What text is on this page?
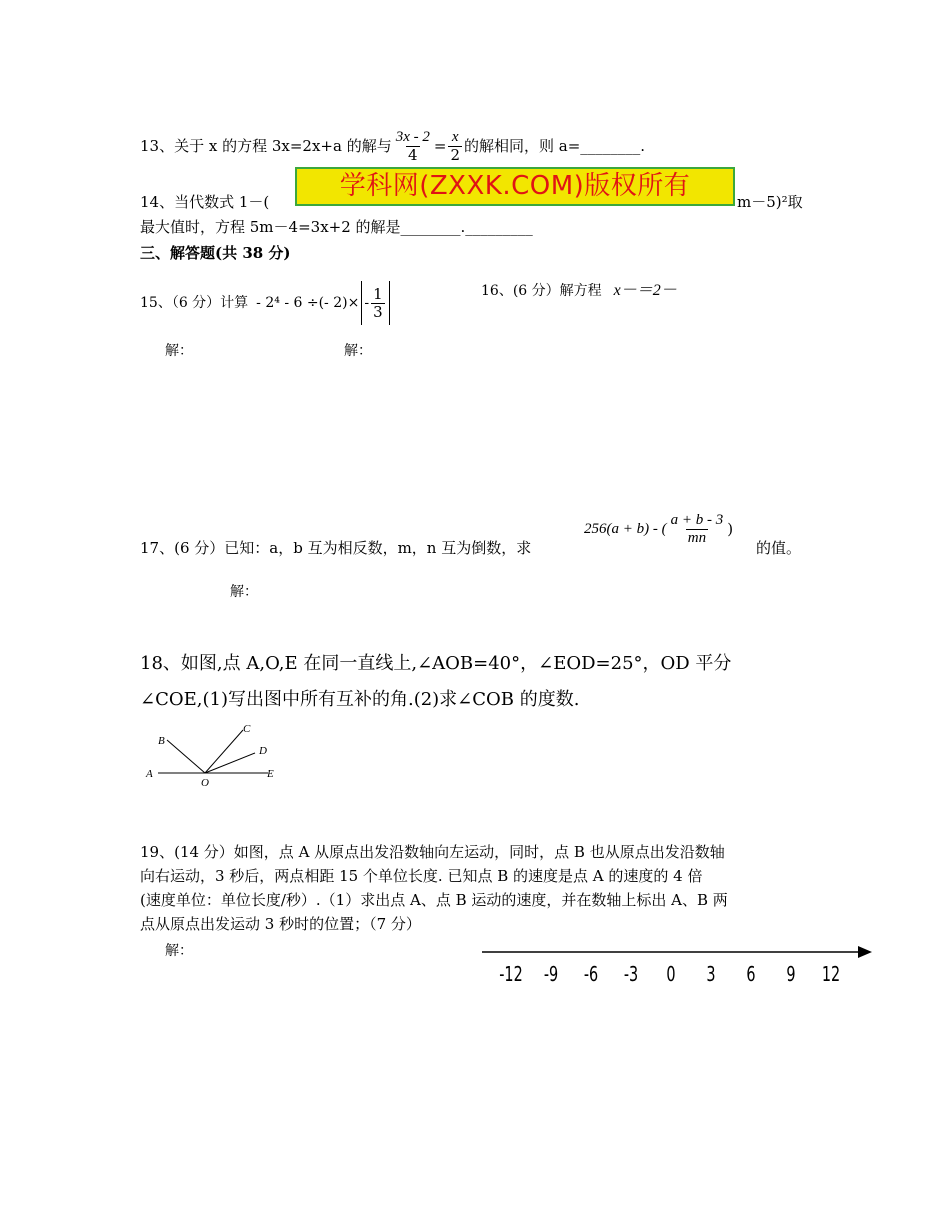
13、关于 x 的方程 3x=2x+a 的解与 $\frac{3x - 2}{4} = \frac{x}{2}$ 的解相同，则 a=________.
14、当代数式 1－(	m－5)²取
最大值时，方程 5m－4=3x+2 的解是________._________
学科网(ZXXK.COM)版权所有
三、解答题(共 38 分)
15、（6 分）计算 - 2⁴ - 6 ÷(- $2)\times - \frac{1}{3}$	16、(6 分）解方程 x－＝2－
解：	解：
17、(6 分）已知：a，b 互为相反数，m，n 互为倒数，求
256(a + b) - ( $\frac{a + b - 3}{mn}$ )
的值。
解：
18、如图,点 A,O,E 在同一直线上,∠AOB=40°，∠EOD=25°，OD 平分
∠COE,(1)写出图中所有互补的角.(2)求∠COB 的度数.
A
B
C
D
E
O
19、(14 分）如图，点 A 从原点出发沿数轴向左运动，同时，点 B 也从原点出发沿数轴
向右运动，3 秒后，两点相距 15 个单位长度. 已知点 B 的速度是点 A 的速度的 4 倍
(速度单位：单位长度/秒）.（1）求出点 A、点 B 运动的速度，并在数轴上标出 A、B 两
点从原点出发运动 3 秒时的位置；（7 分）
解：
-12 -9 -6 -3 0 3 6 9 12
